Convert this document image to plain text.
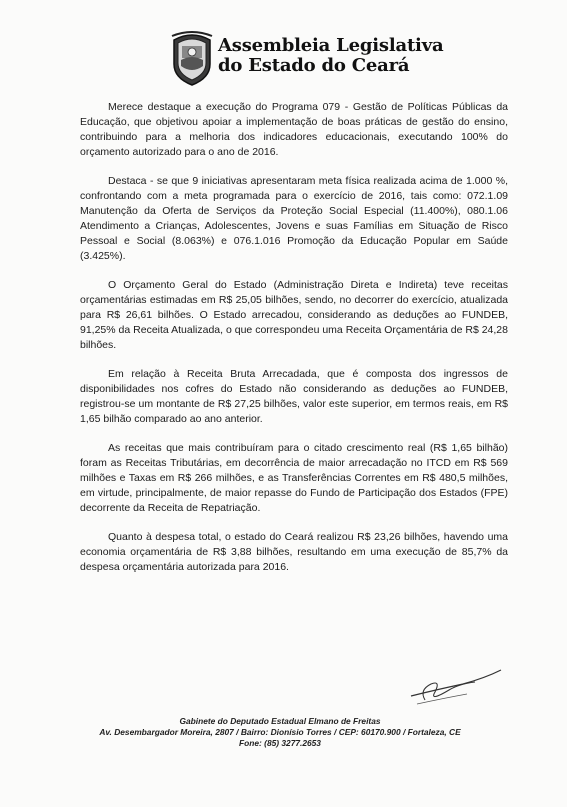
Assembleia Legislativa
do Estado do Ceará

Merece destaque a execução do Programa 079 - Gestão de Políticas Públicas da Educação, que objetivou apoiar a implementação de boas práticas de gestão do ensino, contribuindo para a melhoria dos indicadores educacionais, executando 100% do orçamento autorizado para o ano de 2016.

Destaca - se que 9 iniciativas apresentaram meta física realizada acima de 1.000 %, confrontando com a meta programada para o exercício de 2016, tais como: 072.1.09 Manutenção da Oferta de Serviços da Proteção Social Especial (11.400%), 080.1.06 Atendimento a Crianças, Adolescentes, Jovens e suas Famílias em Situação de Risco Pessoal e Social (8.063%) e 076.1.016 Promoção da Educação Popular em Saúde (3.425%).

O Orçamento Geral do Estado (Administração Direta e Indireta) teve receitas orçamentárias estimadas em R$ 25,05 bilhões, sendo, no decorrer do exercício, atualizada para R$ 26,61 bilhões. O Estado arrecadou, considerando as deduções ao FUNDEB, 91,25% da Receita Atualizada, o que correspondeu uma Receita Orçamentária de R$ 24,28 bilhões.

Em relação à Receita Bruta Arrecadada, que é composta dos ingressos de disponibilidades nos cofres do Estado não considerando as deduções ao FUNDEB, registrou-se um montante de R$ 27,25 bilhões, valor este superior, em termos reais, em R$ 1,65 bilhão comparado ao ano anterior.

As receitas que mais contribuíram para o citado crescimento real (R$ 1,65 bilhão) foram as Receitas Tributárias, em decorrência de maior arrecadação no ITCD em R$ 569 milhões e Taxas em R$ 266 milhões, e as Transferências Correntes em R$ 480,5 milhões, em virtude, principalmente, de maior repasse do Fundo de Participação dos Estados (FPE) decorrente da Receita de Repatriação.

Quanto à despesa total, o estado do Ceará realizou R$ 23,26 bilhões, havendo uma economia orçamentária de R$ 3,88 bilhões, resultando em uma execução de 85,7% da despesa orçamentária autorizada para 2016.

Gabinete do Deputado Estadual Elmano de Freitas
Av. Desembargador Moreira, 2807 / Bairro: Dionísio Torres / CEP: 60170.900 / Fortaleza, CE
Fone: (85) 3277.2653
